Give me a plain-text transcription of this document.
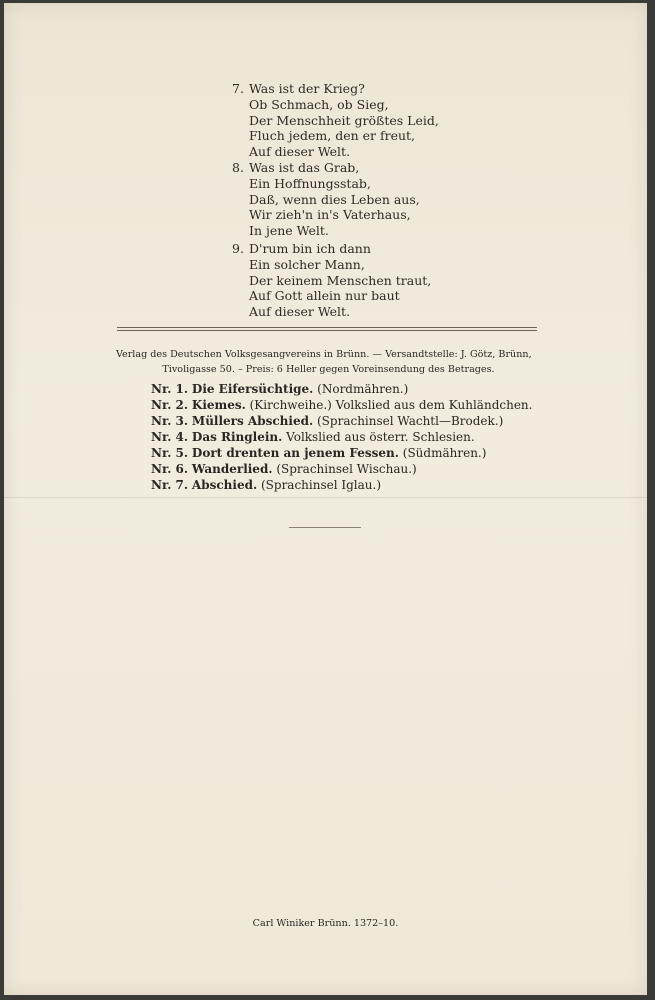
7. Was ist der Krieg?
Ob Schmach, ob Sieg,
Der Menschheit größtes Leid,
Fluch jedem, den er freut,
Auf dieser Welt.
8. Was ist das Grab,
Ein Hoffnungsstab,
Daß, wenn dies Leben aus,
Wir zieh'n in's Vaterhaus,
In jene Welt.
9. D'rum bin ich dann
Ein solcher Mann,
Der keinem Menschen traut,
Auf Gott allein nur baut
Auf dieser Welt.
Verlag des Deutschen Volksgesangvereins in Brünn. — Versandtstelle: J. Götz, Brünn,
Tivoligasse 50. – Preis: 6 Heller gegen Voreinsendung des Betrages.
Nr. 1. Die Eifersüchtige. (Nordmähren.)
Nr. 2. Kiemes. (Kirchweihe.) Volkslied aus dem Kuhländchen.
Nr. 3. Müllers Abschied. (Sprachinsel Wachtl—Brodek.)
Nr. 4. Das Ringlein. Volkslied aus österr. Schlesien.
Nr. 5. Dort drenten an jenem Fessen. (Südmähren.)
Nr. 6. Wanderlied. (Sprachinsel Wischau.)
Nr. 7. Abschied. (Sprachinsel Iglau.)
Carl Winiker Brünn. 1372–10.
